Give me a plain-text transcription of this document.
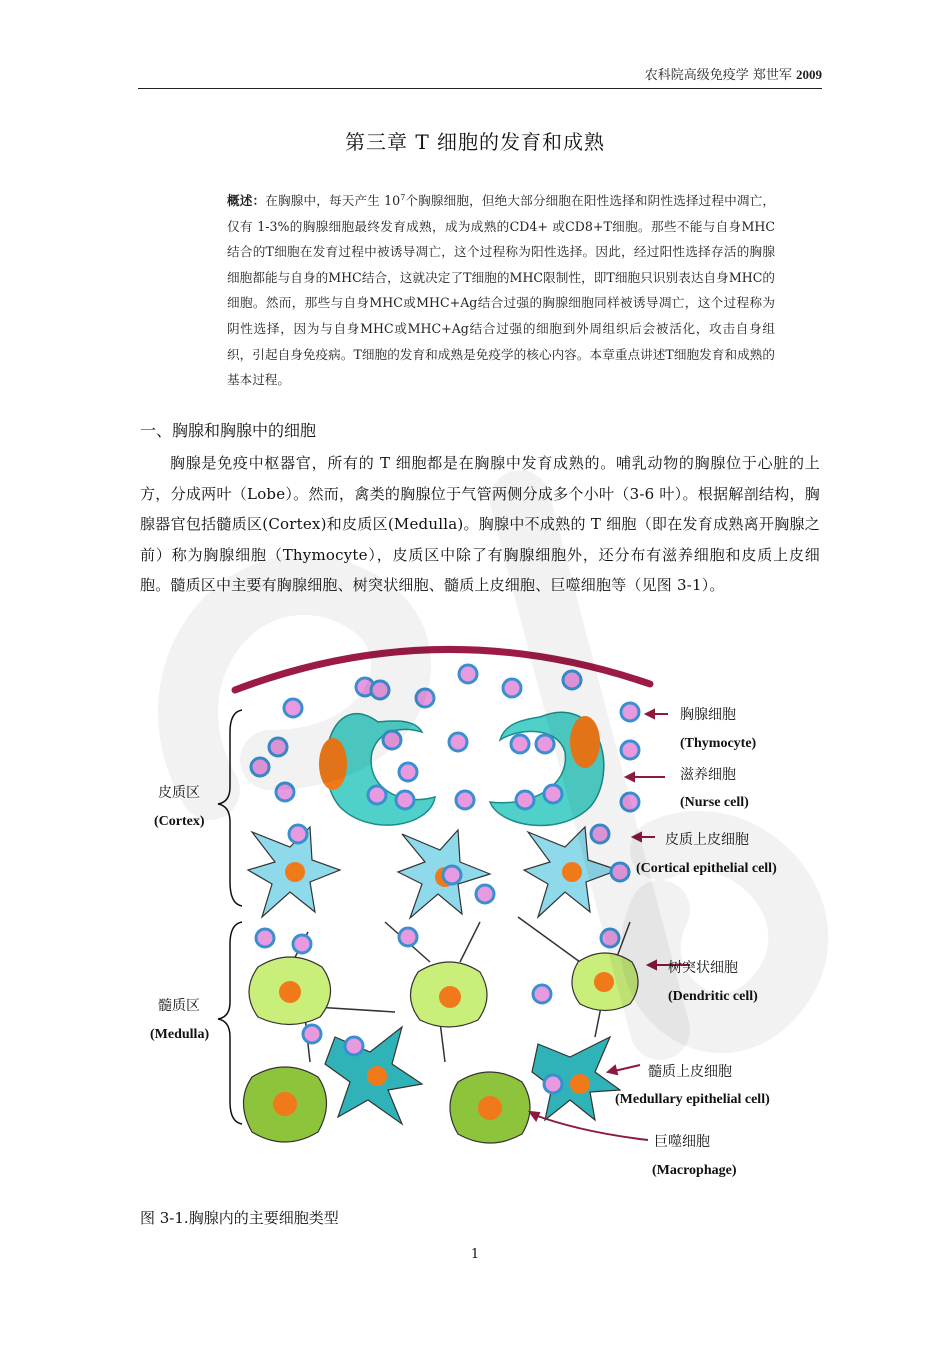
农科院高级免疫学 郑世军 2009
第三章 T 细胞的发育和成熟
概述：在胸腺中，每天产生 $10^7$个胸腺细胞，但绝大部分细胞在阳性选择和阴性选择过程中凋亡，仅有 1-3%的胸腺细胞最终发育成熟，成为成熟的CD4+ 或CD8+T细胞。那些不能与自身MHC结合的T细胞在发育过程中被诱导凋亡，这个过程称为阳性选择。因此，经过阳性选择存活的胸腺细胞都能与自身的MHC结合，这就决定了T细胞的MHC限制性，即T细胞只识别表达自身MHC的细胞。然而，那些与自身MHC或MHC+Ag结合过强的胸腺细胞同样被诱导凋亡，这个过程称为阴性选择，因为与自身MHC或MHC+Ag结合过强的细胞到外周组织后会被活化，攻击自身组织，引起自身免疫病。T细胞的发育和成熟是免疫学的核心内容。本章重点讲述T细胞发育和成熟的基本过程。
一、胸腺和胸腺中的细胞
胸腺是免疫中枢器官，所有的 T 细胞都是在胸腺中发育成熟的。哺乳动物的胸腺位于心脏的上方，分成两叶（Lobe）。然而，禽类的胸腺位于气管两侧分成多个小叶（3-6 叶）。根据解剖结构，胸腺器官包括髓质区(Cortex)和皮质区(Medulla)。胸腺中不成熟的 T 细胞（即在发育成熟离开胸腺之前）称为胸腺细胞（Thymocyte），皮质区中除了有胸腺细胞外，还分布有滋养细胞和皮质上皮细胞。髓质区中主要有胸腺细胞、树突状细胞、髓质上皮细胞、巨噬细胞等（见图 3-1）。
皮质区
(Cortex)
髓质区
(Medulla)
胸腺细胞
(Thymocyte)
滋养细胞
(Nurse cell)
皮质上皮细胞
(Cortical epithelial cell)
树突状细胞
(Dendritic cell)
髓质上皮细胞
(Medullary epithelial cell)
巨噬细胞
(Macrophage)
图 3-1.胸腺内的主要细胞类型
1
